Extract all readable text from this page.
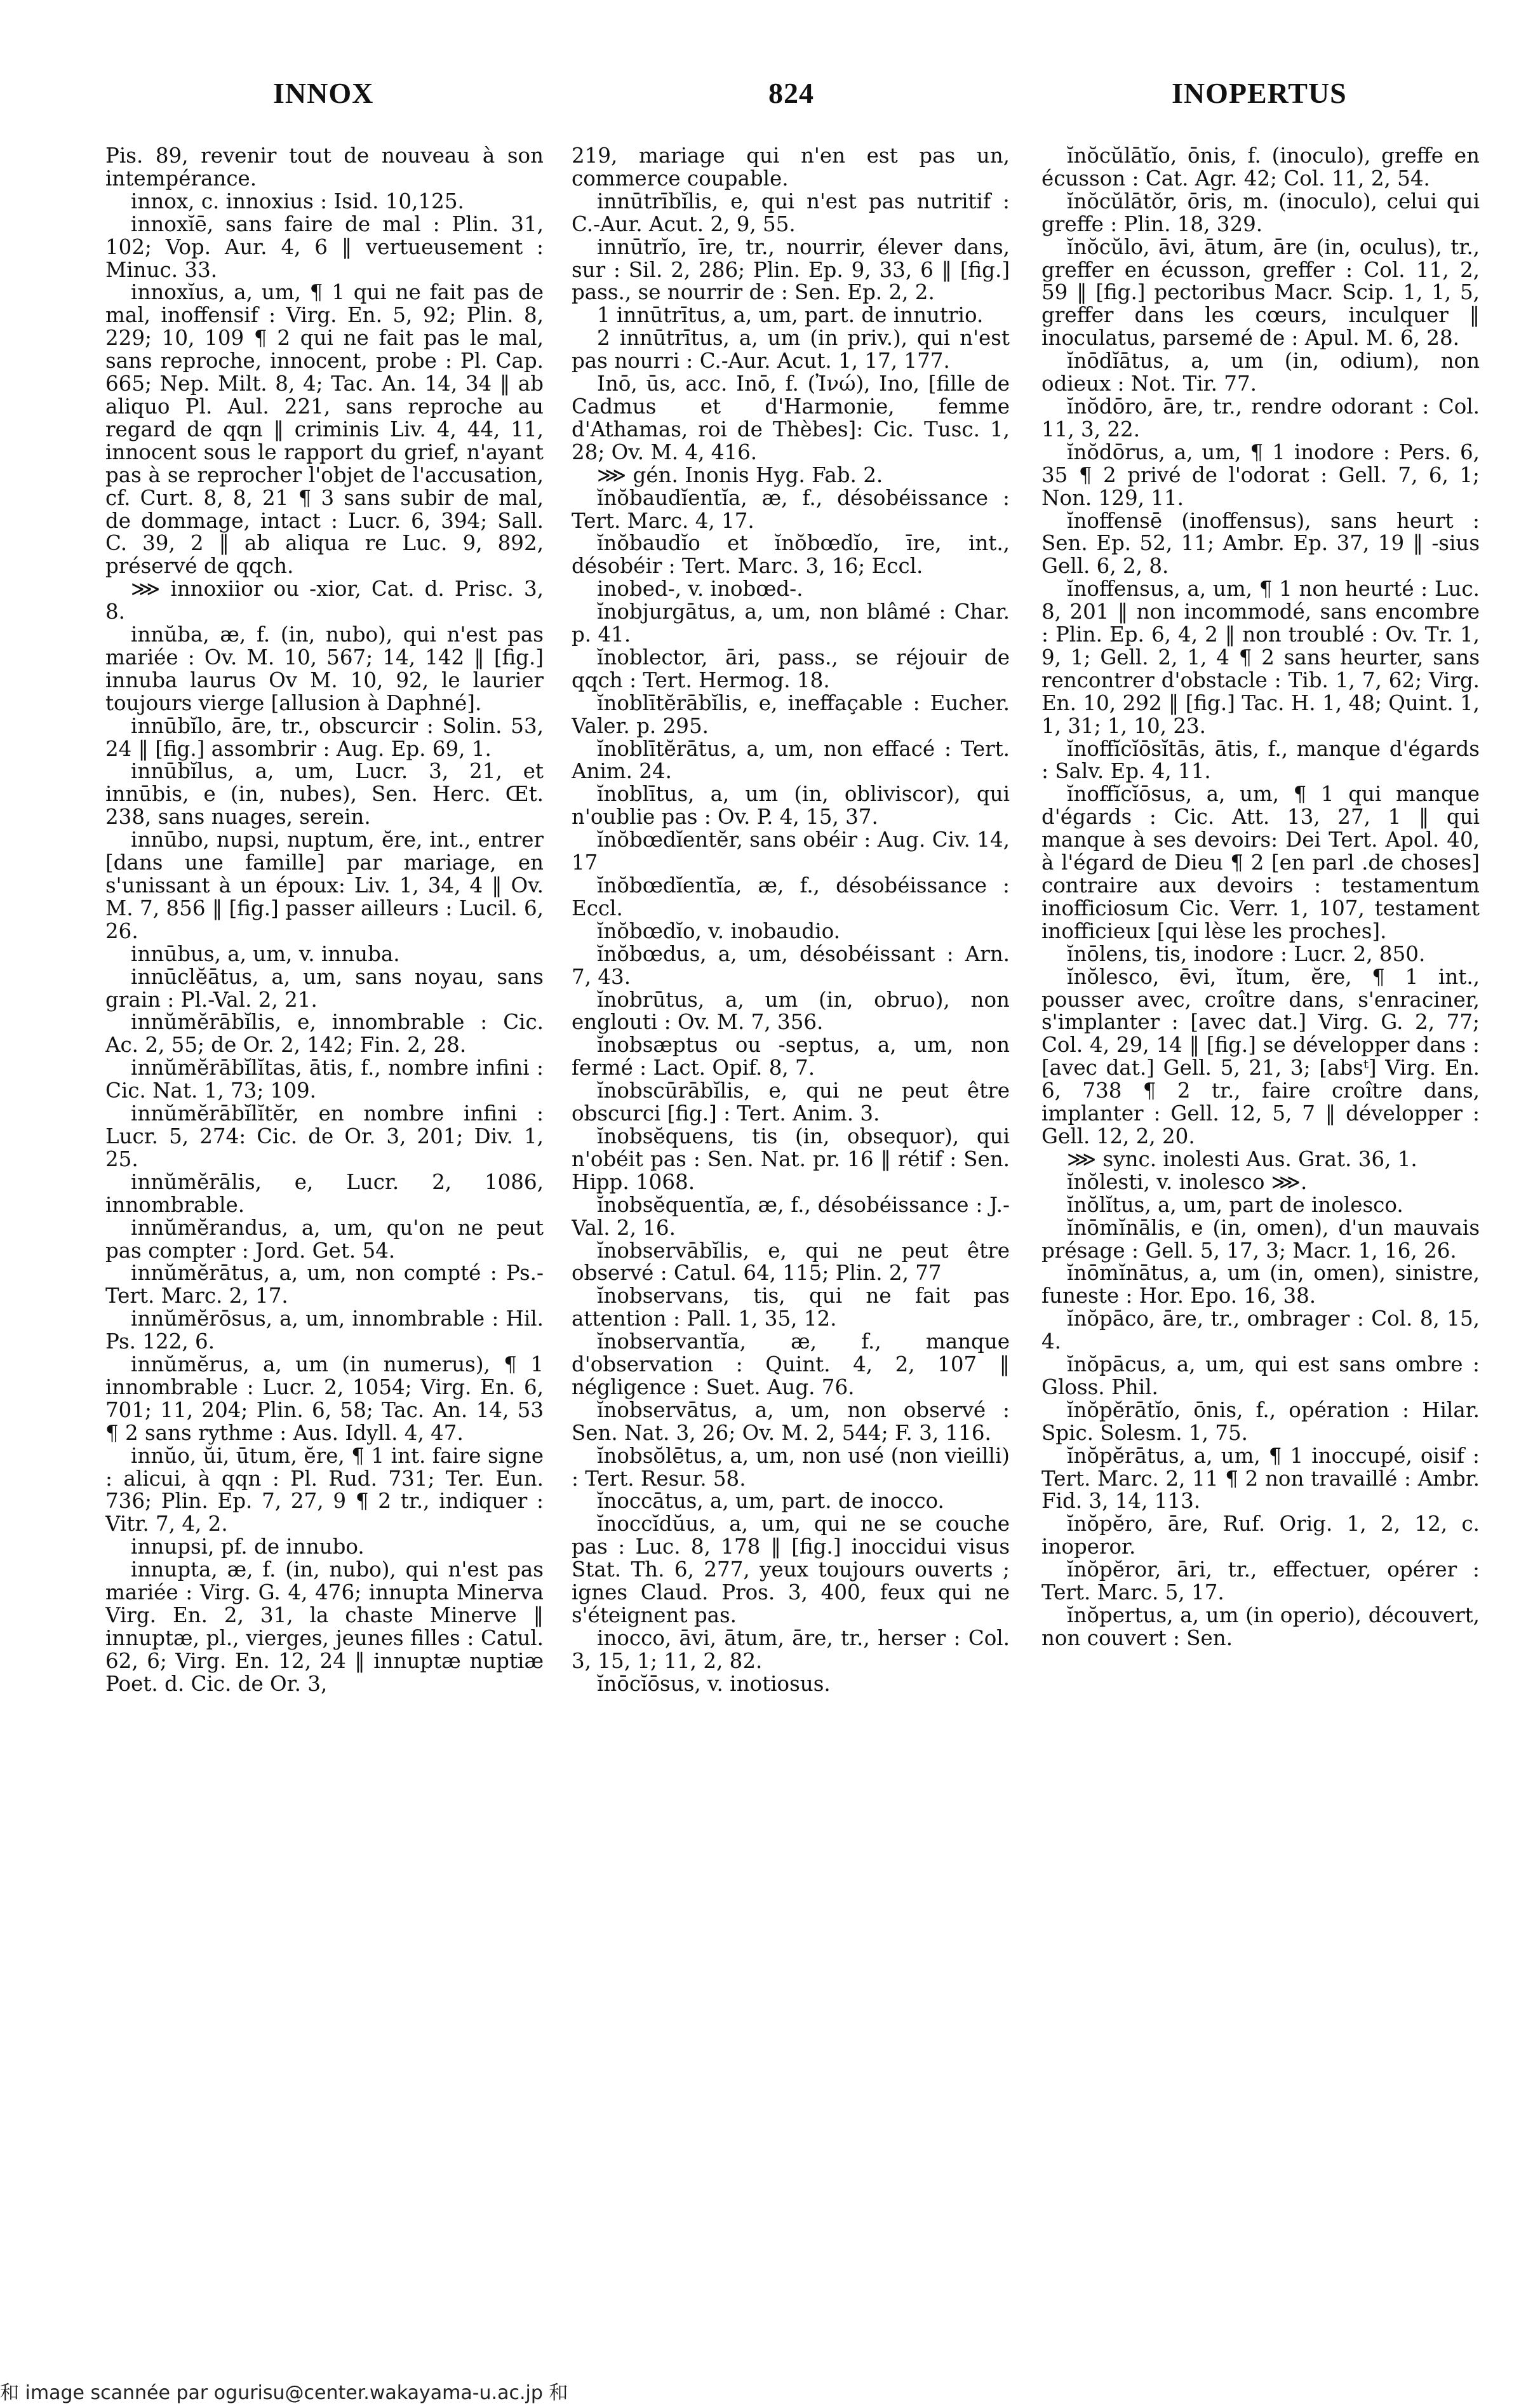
INNOX	824	INOPERTUS

Pis. 89, revenir tout de nouveau à son intempérance.

innox, c. innoxius : Isid. 10,125.

innoxĭē, sans faire de mal : Plin. 31, 102; Vop. Aur. 4, 6 ‖ vertueusement : Minuc. 33.

innoxĭus, a, um, ¶ 1 qui ne fait pas de mal, inoffensif : Virg. En. 5, 92; Plin. 8, 229; 10, 109 ¶ 2 qui ne fait pas le mal, sans reproche, innocent, probe : Pl. Cap. 665; Nep. Milt. 8, 4; Tac. An. 14, 34 ‖ ab aliquo Pl. Aul. 221, sans reproche au regard de qqn ‖ criminis Liv. 4, 44, 11, innocent sous le rapport du grief, n'ayant pas à se reprocher l'objet de l'accusation, cf. Curt. 8, 8, 21 ¶ 3 sans subir de mal, de dommage, intact : Lucr. 6, 394; Sall. C. 39, 2 ‖ ab aliqua re Luc. 9, 892, préservé de qqch.

⋙ innoxiior ou -xior, Cat. d. Prisc. 3, 8.

innŭba, æ, f. (in, nubo), qui n'est pas mariée : Ov. M. 10, 567; 14, 142 ‖ [fig.] innuba laurus Ov M. 10, 92, le laurier toujours vierge [allusion à Daphné].

innūbĭlo, āre, tr., obscurcir : Solin. 53, 24 ‖ [fig.] assombrir : Aug. Ep. 69, 1.

innūbĭlus, a, um, Lucr. 3, 21, et innūbis, e (in, nubes), Sen. Herc. Œt. 238, sans nuages, serein.

innūbo, nupsi, nuptum, ĕre, int., entrer [dans une famille] par mariage, en s'unissant à un époux: Liv. 1, 34, 4 ‖ Ov. M. 7, 856 ‖ [fig.] passer ailleurs : Lucil. 6, 26.

innūbus, a, um, v. innuba.

innūclĕātus, a, um, sans noyau, sans grain : Pl.-Val. 2, 21.

innŭmĕrābĭlis, e, innombrable : Cic. Ac. 2, 55; de Or. 2, 142; Fin. 2, 28.

innŭmĕrābĭlĭtas, ātis, f., nombre infini : Cic. Nat. 1, 73; 109.

innŭmĕrābĭlĭtĕr, en nombre infini : Lucr. 5, 274: Cic. de Or. 3, 201; Div. 1, 25.

innŭmĕrālis, e, Lucr. 2, 1086, innombrable.

innŭmĕrandus, a, um, qu'on ne peut pas compter : Jord. Get. 54.

innŭmĕrātus, a, um, non compté : Ps.-Tert. Marc. 2, 17.

innŭmĕrōsus, a, um, innombrable : Hil. Ps. 122, 6.

innŭmĕrus, a, um (in numerus), ¶ 1 innombrable : Lucr. 2, 1054; Virg. En. 6, 701; 11, 204; Plin. 6, 58; Tac. An. 14, 53 ¶ 2 sans rythme : Aus. Idyll. 4, 47.

innŭo, ŭi, ūtum, ĕre, ¶ 1 int. faire signe : alicui, à qqn : Pl. Rud. 731; Ter. Eun. 736; Plin. Ep. 7, 27, 9 ¶ 2 tr., indiquer : Vitr. 7, 4, 2.

innupsi, pf. de innubo.

innupta, æ, f. (in, nubo), qui n'est pas mariée : Virg. G. 4, 476; innupta Minerva Virg. En. 2, 31, la chaste Minerve ‖ innuptæ, pl., vierges, jeunes filles : Catul. 62, 6; Virg. En. 12, 24 ‖ innuptæ nuptiæ Poet. d. Cic. de Or. 3,

219, mariage qui n'en est pas un, commerce coupable.

innūtrībĭlis, e, qui n'est pas nutritif : C.-Aur. Acut. 2, 9, 55.

innūtrĭo, īre, tr., nourrir, élever dans, sur : Sil. 2, 286; Plin. Ep. 9, 33, 6 ‖ [fig.] pass., se nourrir de : Sen. Ep. 2, 2.

1 innūtrītus, a, um, part. de innutrio.

2 innūtrītus, a, um (in priv.), qui n'est pas nourri : C.-Aur. Acut. 1, 17, 177.

Inō, ūs, acc. Inō, f. (Ἰνώ), Ino, [fille de Cadmus et d'Harmonie, femme d'Athamas, roi de Thèbes]: Cic. Tusc. 1, 28; Ov. M. 4, 416.

⋙ gén. Inonis Hyg. Fab. 2.

ĭnŏbaudĭentĭa, æ, f., désobéissance : Tert. Marc. 4, 17.

ĭnŏbaudĭo et ĭnŏbœdĭo, īre, int., désobéir : Tert. Marc. 3, 16; Eccl.

inobed-, v. inobœd-.

ĭnobjurgātus, a, um, non blâmé : Char. p. 41.

ĭnoblector, āri, pass., se réjouir de qqch : Tert. Hermog. 18.

ĭnoblītĕrābĭlis, e, ineffaçable : Eucher. Valer. p. 295.

ĭnoblītĕrātus, a, um, non effacé : Tert. Anim. 24.

ĭnoblītus, a, um (in, obliviscor), qui n'oublie pas : Ov. P. 4, 15, 37.

ĭnŏbœdĭentĕr, sans obéir : Aug. Civ. 14, 17

ĭnŏbœdĭentĭa, æ, f., désobéissance : Eccl.

ĭnŏbœdĭo, v. inobaudio.

ĭnŏbœdus, a, um, désobéissant : Arn. 7, 43.

ĭnobrūtus, a, um (in, obruo), non englouti : Ov. M. 7, 356.

ĭnobsæptus ou -septus, a, um, non fermé : Lact. Opif. 8, 7.

ĭnobscūrābĭlis, e, qui ne peut être obscurci [fig.] : Tert. Anim. 3.

ĭnobsĕquens, tis (in, obsequor), qui n'obéit pas : Sen. Nat. pr. 16 ‖ rétif : Sen. Hipp. 1068.

ĭnobsĕquentĭa, æ, f., désobéissance : J.-Val. 2, 16.

ĭnobservābĭlis, e, qui ne peut être observé : Catul. 64, 115; Plin. 2, 77

ĭnobservans, tis, qui ne fait pas attention : Pall. 1, 35, 12.

ĭnobservantĭa, æ, f., manque d'observation : Quint. 4, 2, 107 ‖ négligence : Suet. Aug. 76.

ĭnobservātus, a, um, non observé : Sen. Nat. 3, 26; Ov. M. 2, 544; F. 3, 116.

ĭnobsŏlētus, a, um, non usé (non vieilli) : Tert. Resur. 58.

ĭnoccātus, a, um, part. de inocco.

ĭnoccĭdŭus, a, um, qui ne se couche pas : Luc. 8, 178 ‖ [fig.] inoccidui visus Stat. Th. 6, 277, yeux toujours ouverts ; ignes Claud. Pros. 3, 400, feux qui ne s'éteignent pas.

inocco, āvi, ātum, āre, tr., herser : Col. 3, 15, 1; 11, 2, 82.

ĭnōcĭōsus, v. inotiosus.

ĭnŏcŭlātĭo, ōnis, f. (inoculo), greffe en écusson : Cat. Agr. 42; Col. 11, 2, 54.

ĭnŏcŭlātŏr, ōris, m. (inoculo), celui qui greffe : Plin. 18, 329.

ĭnŏcŭlo, āvi, ātum, āre (in, oculus), tr., greffer en écusson, greffer : Col. 11, 2, 59 ‖ [fig.] pectoribus Macr. Scip. 1, 1, 5, greffer dans les cœurs, inculquer ‖ inoculatus, parsemé de : Apul. M. 6, 28.

ĭnōdĭātus, a, um (in, odium), non odieux : Not. Tir. 77.

ĭnŏdōro, āre, tr., rendre odorant : Col. 11, 3, 22.

ĭnŏdōrus, a, um, ¶ 1 inodore : Pers. 6, 35 ¶ 2 privé de l'odorat : Gell. 7, 6, 1; Non. 129, 11.

ĭnoffensē (inoffensus), sans heurt : Sen. Ep. 52, 11; Ambr. Ep. 37, 19 ‖ -sius Gell. 6, 2, 8.

ĭnoffensus, a, um, ¶ 1 non heurté : Luc. 8, 201 ‖ non incommodé, sans encombre : Plin. Ep. 6, 4, 2 ‖ non troublé : Ov. Tr. 1, 9, 1; Gell. 2, 1, 4 ¶ 2 sans heurter, sans rencontrer d'obstacle : Tib. 1, 7, 62; Virg. En. 10, 292 ‖ [fig.] Tac. H. 1, 48; Quint. 1, 1, 31; 1, 10, 23.

ĭnoffĭcĭōsĭtās, ātis, f., manque d'égards : Salv. Ep. 4, 11.

ĭnoffĭcĭōsus, a, um, ¶ 1 qui manque d'égards : Cic. Att. 13, 27, 1 ‖ qui manque à ses devoirs: Dei Tert. Apol. 40, à l'égard de Dieu ¶ 2 [en parl .de choses] contraire aux devoirs : testamentum inofficiosum Cic. Verr. 1, 107, testament inofficieux [qui lèse les proches].

ĭnōlens, tis, inodore : Lucr. 2, 850.

ĭnŏlesco, ēvi, ĭtum, ĕre, ¶ 1 int., pousser avec, croître dans, s'enraciner, s'implanter : [avec dat.] Virg. G. 2, 77; Col. 4, 29, 14 ‖ [fig.] se développer dans : [avec dat.] Gell. 5, 21, 3; [absᵗ] Virg. En. 6, 738 ¶ 2 tr., faire croître dans, implanter : Gell. 12, 5, 7 ‖ développer : Gell. 12, 2, 20.

⋙ sync. inolesti Aus. Grat. 36, 1.

ĭnŏlesti, v. inolesco ⋙.

ĭnŏlĭtus, a, um, part de inolesco.

ĭnōmĭnālis, e (in, omen), d'un mauvais présage : Gell. 5, 17, 3; Macr. 1, 16, 26.

ĭnōmĭnātus, a, um (in, omen), sinistre, funeste : Hor. Epo. 16, 38.

ĭnŏpāco, āre, tr., ombrager : Col. 8, 15, 4.

ĭnŏpācus, a, um, qui est sans ombre : Gloss. Phil.

ĭnŏpĕrātĭo, ōnis, f., opération : Hilar. Spic. Solesm. 1, 75.

ĭnŏpĕrātus, a, um, ¶ 1 inoccupé, oisif : Tert. Marc. 2, 11 ¶ 2 non travaillé : Ambr. Fid. 3, 14, 113.

ĭnŏpĕro, āre, Ruf. Orig. 1, 2, 12, c. inoperor.

ĭnŏpĕror, āri, tr., effectuer, opérer : Tert. Marc. 5, 17.

ĭnŏpertus, a, um (in operio), découvert, non couvert : Sen.

和 image scannée par ogurisu@center.wakayama-u.ac.jp 和
